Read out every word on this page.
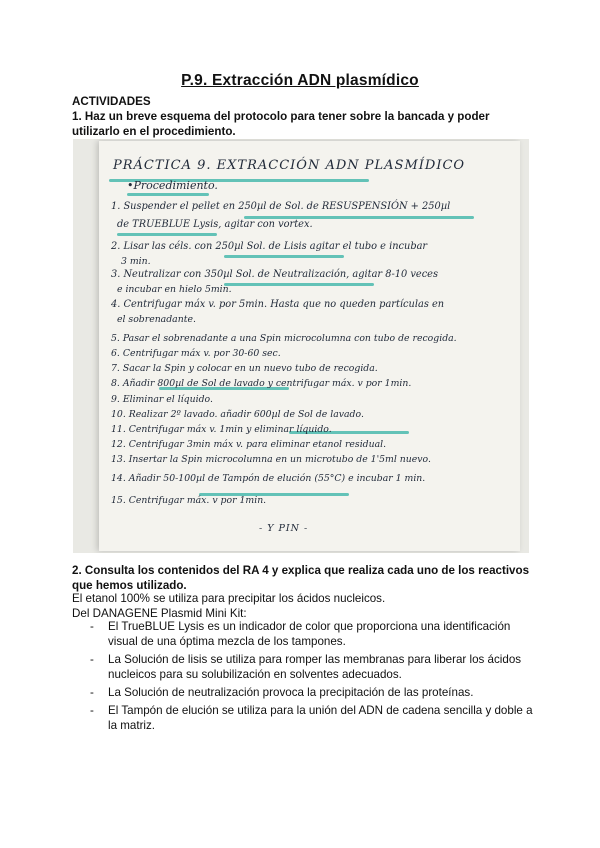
P.9. Extracción ADN plasmídico
ACTIVIDADES
1. Haz un breve esquema del protocolo para tener sobre la bancada y poder utilizarlo en el procedimiento.
PRÁCTICA 9. EXTRACCIÓN ADN PLASMÍDICO
•Procedimiento.
1. Suspender el pellet en 250µl de Sol. de RESUSPENSIÓN + 250µl
de TRUEBLUE Lysis, agitar con vortex.
2. Lisar las céls. con 250µl Sol. de Lisis agitar el tubo e incubar
3 min.
3. Neutralizar con 350µl Sol. de Neutralización, agitar 8-10 veces
e incubar en hielo 5min.
4. Centrifugar máx v. por 5min. Hasta que no queden partículas en
el sobrenadante.
5. Pasar el sobrenadante a una Spin microcolumna con tubo de recogida.
6. Centrifugar máx v. por 30-60 sec.
7. Sacar la Spin y colocar en un nuevo tubo de recogida.
8. Añadir 800µl de Sol de lavado y centrifugar máx. v por 1min.
9. Eliminar el líquido.
10. Realizar 2º lavado. añadir 600µl de Sol de lavado.
11. Centrifugar máx v. 1min y eliminar líquido.
12. Centrifugar 3min máx v. para eliminar etanol residual.
13. Insertar la Spin microcolumna en un microtubo de 1'5ml nuevo.
14. Añadir 50-100µl de Tampón de elución (55°C) e incubar 1 min.
15. Centrifugar máx. v por 1min.
- Y PIN -
2. Consulta los contenidos del RA 4 y explica que realiza cada uno de los reactivos que hemos utilizado.
El etanol 100% se utiliza para precipitar los ácidos nucleicos.
Del DANAGENE Plasmid Mini Kit:
- El TrueBLUE Lysis es un indicador de color que proporciona una identificación visual de una óptima mezcla de los tampones.
- La Solución de lisis se utiliza para romper las membranas para liberar los ácidos nucleicos para su solubilización en solventes adecuados.
- La Solución de neutralización provoca la precipitación de las proteínas.
- El Tampón de elución se utiliza para la unión del ADN de cadena sencilla y doble a la matriz.
